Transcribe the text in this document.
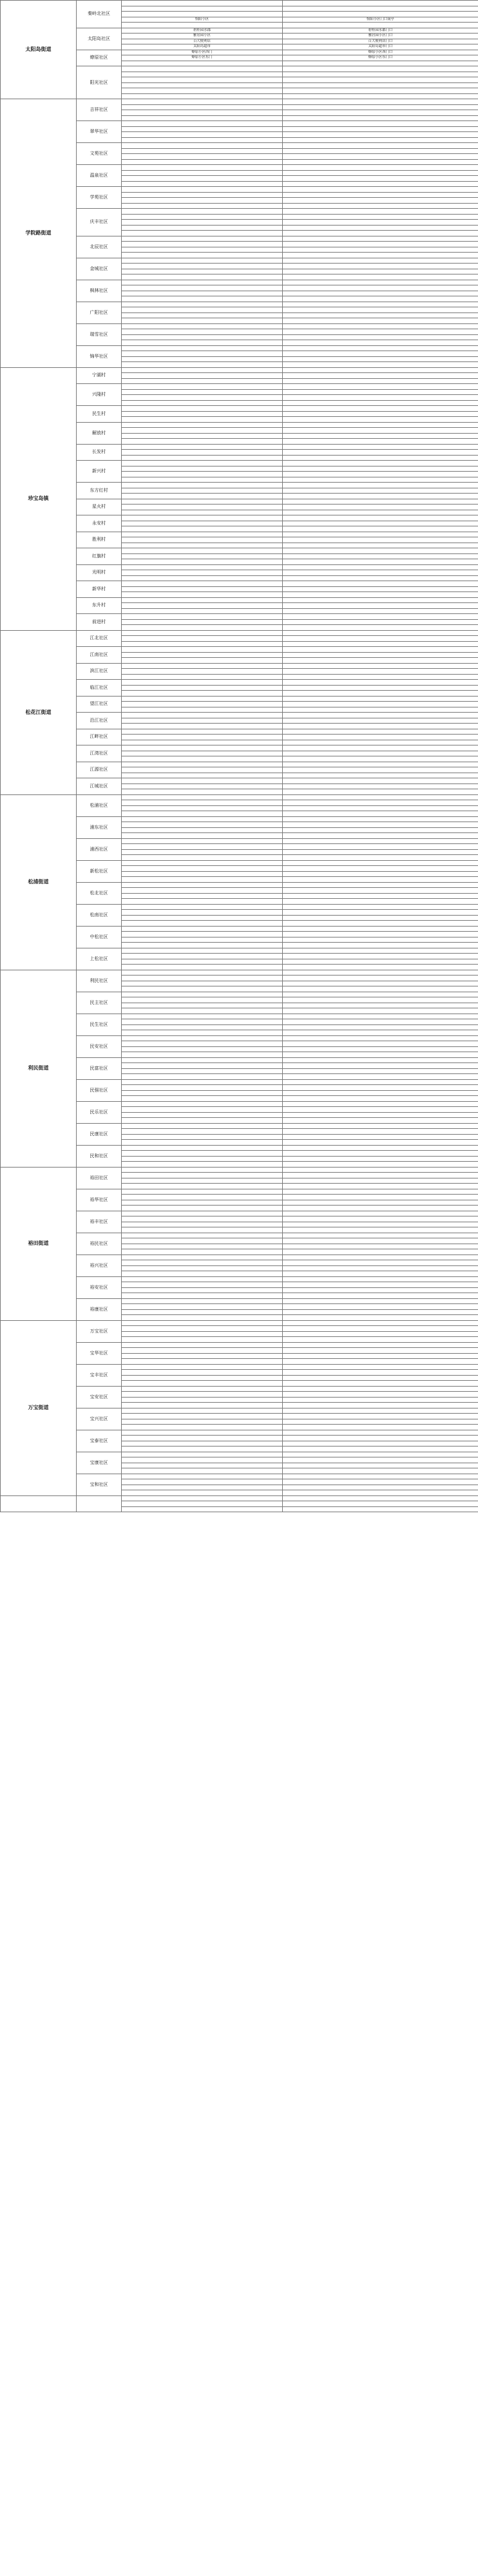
太阳岛街道	秦岭北社区		

		怡阳小区	怡阳小区门口岗亭

	太阳岛社区	碧桂园水郡	碧桂园水郡门口
		雅居园小区	雅居园小区门口
		百大便利店	百大便利店门口
		太阳岛超市	太阳岛超市门口
	燎原社区	燎原小区西门	燎原小区西门口
		燎原小区东门	燎原小区东门口

	阳光社区		

学院路街道	吉祥社区		

	翠华社区		

	文苑社区		

	温泉社区		

	学苑社区		

	庆丰社区		

	北辰社区		

	金城社区		

	枫林社区		

	广阳社区		

	瑞雪社区		

	锦华社区		

珍宝岛镇	宁湖村		

	兴隆村		

	民生村		

	解放村		

	长发村		

	新兴村		

	东方红村		

	星火村		

	永安村		

	胜利村		

	红旗村		

	光明村		

	新华村		

	东升村		

	前进村		

松花江街道	江北社区		

	江南社区		

	滨江社区		

	临江社区		

	望江社区		

	沿江社区		

	江畔社区		

	江湾社区		

	江源社区		

	江城社区		

松浦街道	松浦社区		

	浦东社区		

	浦西社区		

	新松社区		

	松北社区		

	松南社区		

	中松社区		

	上松社区		

利民街道	利民社区		

	民主社区		

	民生社区		

	民安社区		

	民富社区		

	民强社区		

	民乐社区		

	民康社区		

	民和社区		

裕田街道	裕田社区		

	裕华社区		

	裕丰社区		

	裕民社区		

	裕兴社区		

	裕安社区		

	裕康社区		

万宝街道	万宝社区		

	宝华社区		

	宝丰社区		

	宝安社区		

	宝兴社区		

	宝泰社区		

	宝康社区		

	宝和社区		
